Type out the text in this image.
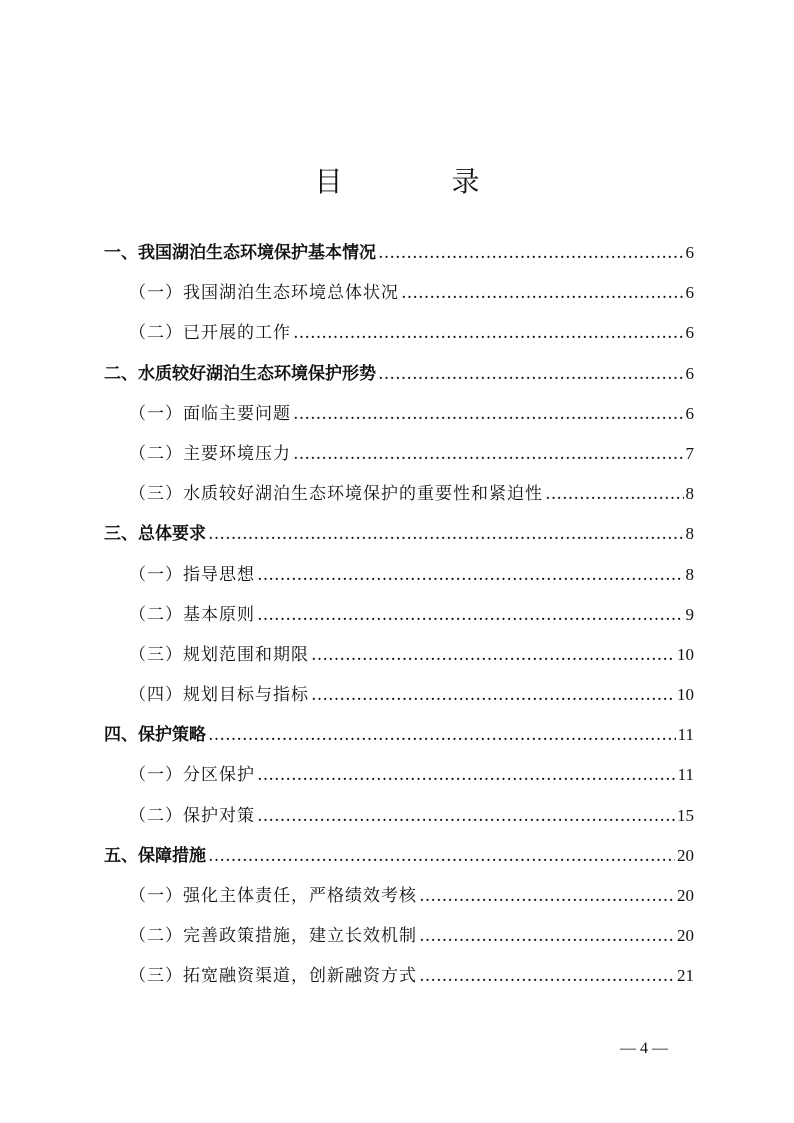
目 录
一、我国湖泊生态环境保护基本情况 …………………………………………………………………………………………………………………………………	6
（一）我国湖泊生态环境总体状况 …………………………………………………………………………………………………………………………………	6
（二）已开展的工作 …………………………………………………………………………………………………………………………………	6
二、水质较好湖泊生态环境保护形势 …………………………………………………………………………………………………………………………………	6
（一）面临主要问题 …………………………………………………………………………………………………………………………………	6
（二）主要环境压力 …………………………………………………………………………………………………………………………………	7
（三）水质较好湖泊生态环境保护的重要性和紧迫性 …………………………………………………………………………………………………………………………………	8
三、总体要求 …………………………………………………………………………………………………………………………………	8
（一）指导思想 …………………………………………………………………………………………………………………………………	8
（二）基本原则 …………………………………………………………………………………………………………………………………	9
（三）规划范围和期限 …………………………………………………………………………………………………………………………………	10
（四）规划目标与指标 …………………………………………………………………………………………………………………………………	10
四、保护策略 …………………………………………………………………………………………………………………………………	11
（一）分区保护 …………………………………………………………………………………………………………………………………	11
（二）保护对策 …………………………………………………………………………………………………………………………………	15
五、保障措施 …………………………………………………………………………………………………………………………………	20
（一）强化主体责任，严格绩效考核 …………………………………………………………………………………………………………………………………	20
（二）完善政策措施，建立长效机制 …………………………………………………………………………………………………………………………………	20
（三）拓宽融资渠道，创新融资方式 …………………………………………………………………………………………………………………………………	21
— 4 —
